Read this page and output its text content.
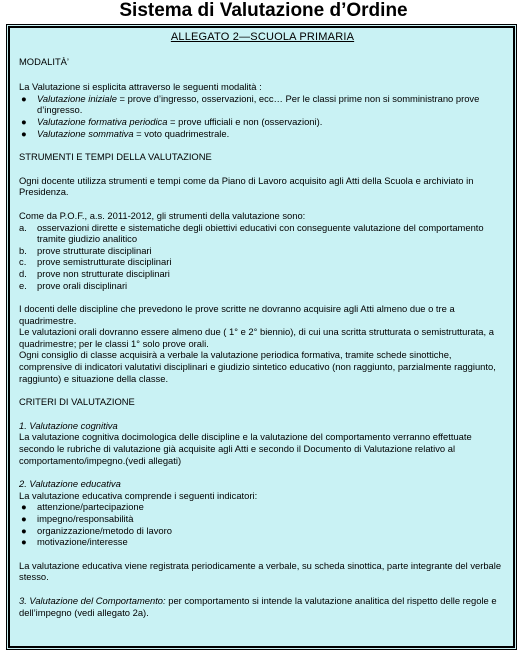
Sistema di Valutazione d’Ordine
ALLEGATO 2—SCUOLA PRIMARIA

MODALITÀ’

La Valutazione si esplicita attraverso le seguenti modalità :

● Valutazione iniziale = prove d’ingresso, osservazioni, ecc… Per le classi prime non si somministrano prove d’ingresso.
● Valutazione formativa periodica = prove ufficiali e non (osservazioni).
● Valutazione sommativa = voto quadrimestrale.

STRUMENTI E TEMPI DELLA VALUTAZIONE

Ogni docente utilizza strumenti e tempi come da Piano di Lavoro acquisito agli Atti della Scuola e archiviato in Presidenza.

Come da P.O.F., a.s. 2011-2012, gli strumenti della valutazione sono:

a. osservazioni dirette e sistematiche degli obiettivi educativi con conseguente valutazione del comportamento tramite giudizio analitico
b. prove strutturate disciplinari
c. prove semistrutturate disciplinari
d. prove non strutturate disciplinari
e. prove orali disciplinari

I docenti delle discipline che prevedono le prove scritte ne dovranno acquisire agli Atti almeno due o tre a quadrimestre.

Le valutazioni orali dovranno essere almeno due ( 1° e 2° biennio), di cui una scritta strutturata o semistrutturata, a quadrimestre; per le classi 1° solo prove orali.

Ogni consiglio di classe acquisirà a verbale la valutazione periodica formativa, tramite schede sinottiche, comprensive di indicatori valutativi disciplinari e giudizio sintetico educativo (non raggiunto, parzialmente raggiunto, raggiunto) e situazione della classe.

CRITERI DI VALUTAZIONE

1. Valutazione cognitiva

La valutazione cognitiva docimologica delle discipline e la valutazione del comportamento verranno effettuate secondo le rubriche di valutazione già acquisite agli Atti e secondo il Documento di Valutazione relativo al comportamento/impegno.(vedi allegati)

2. Valutazione educativa

La valutazione educativa comprende i seguenti indicatori:

● attenzione/partecipazione
● impegno/responsabilità
● organizzazione/metodo di lavoro
● motivazione/interesse

La valutazione educativa viene registrata periodicamente a verbale, su scheda sinottica, parte integrante del verbale stesso.

3. Valutazione del Comportamento: per comportamento si intende la valutazione analitica del rispetto delle regole e dell’impegno (vedi allegato 2a).
